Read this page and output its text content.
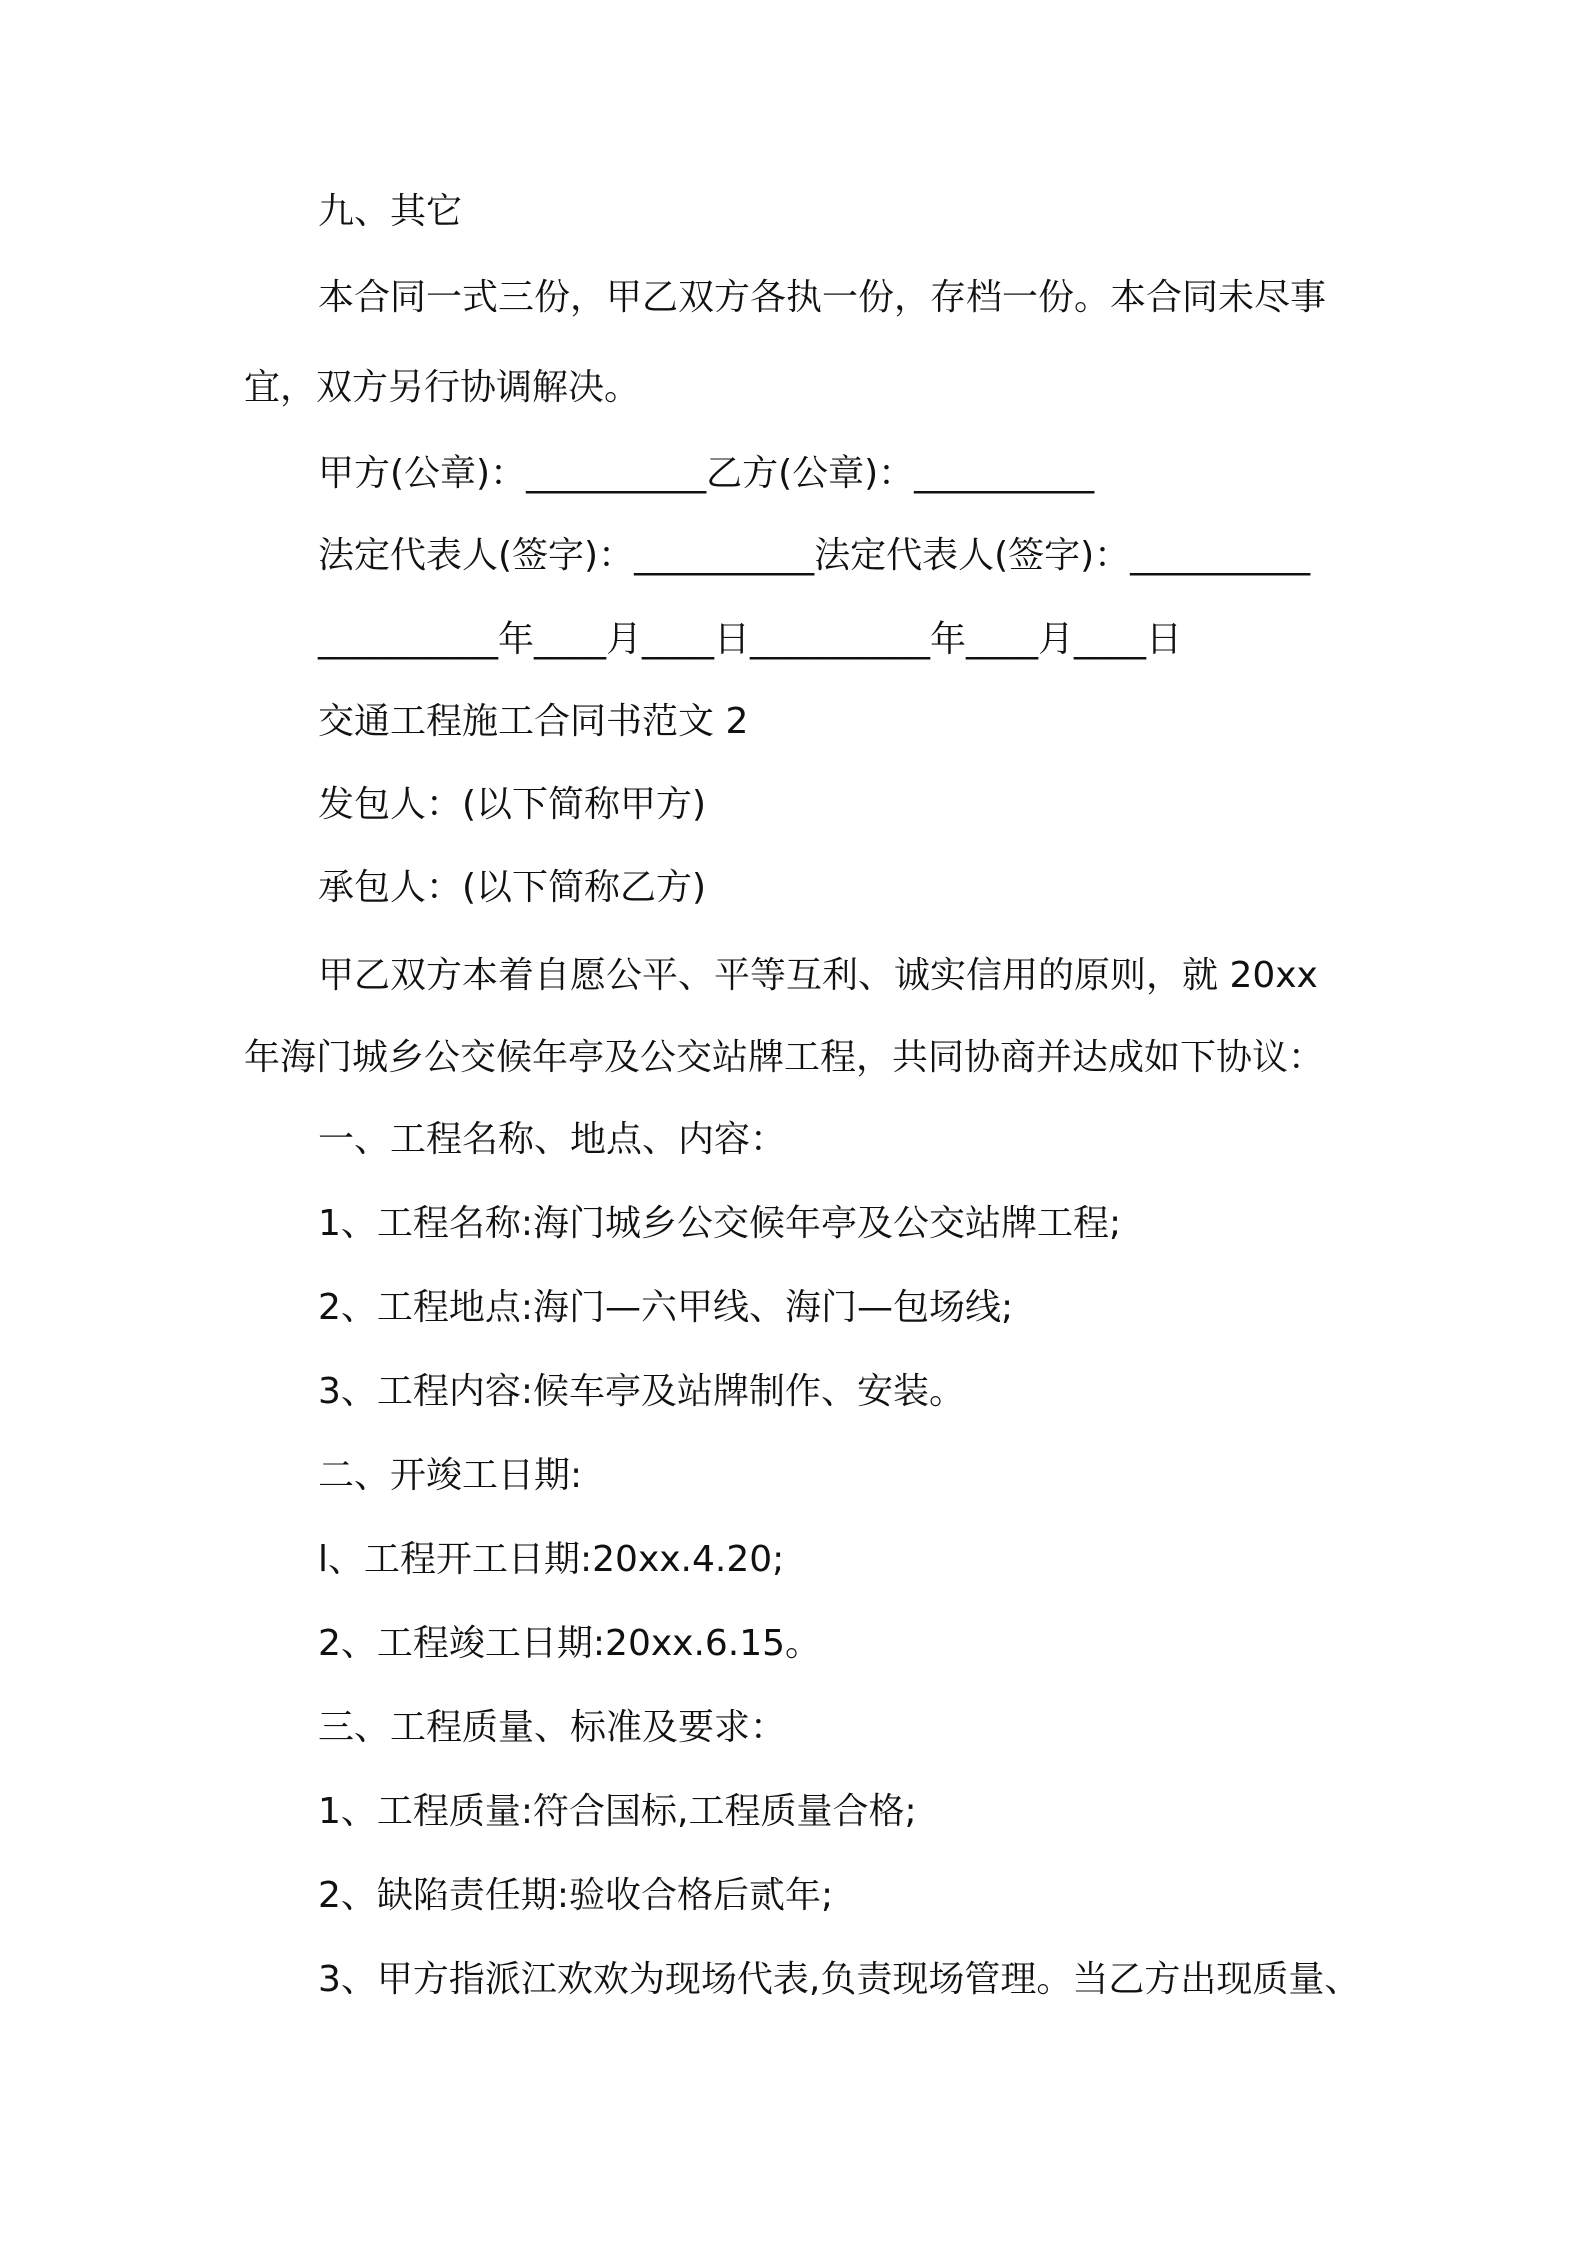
九、其它

本合同一式三份，甲乙双方各执一份，存档一份。本合同未尽事

宜，双方另行协调解决。

甲方(公章)：__________乙方(公章)：__________

法定代表人(签字)：__________法定代表人(签字)：__________

__________年____月____日__________年____月____日

交通工程施工合同书范文 2

发包人：(以下简称甲方)

承包人：(以下简称乙方)

甲乙双方本着自愿公平、平等互利、诚实信用的原则，就 20xx

年海门城乡公交候年亭及公交站牌工程，共同协商并达成如下协议：

一、工程名称、地点、内容：

1、工程名称:海门城乡公交候年亭及公交站牌工程;

2、工程地点:海门—六甲线、海门—包场线;

3、工程内容:候车亭及站牌制作、安装。

二、开竣工日期:

l、工程开工日期:20xx.4.20;

2、工程竣工日期:20xx.6.15。

三、工程质量、标准及要求：

1、工程质量:符合国标,工程质量合格;

2、缺陷责任期:验收合格后贰年;

3、甲方指派江欢欢为现场代表,负责现场管理。当乙方出现质量、
